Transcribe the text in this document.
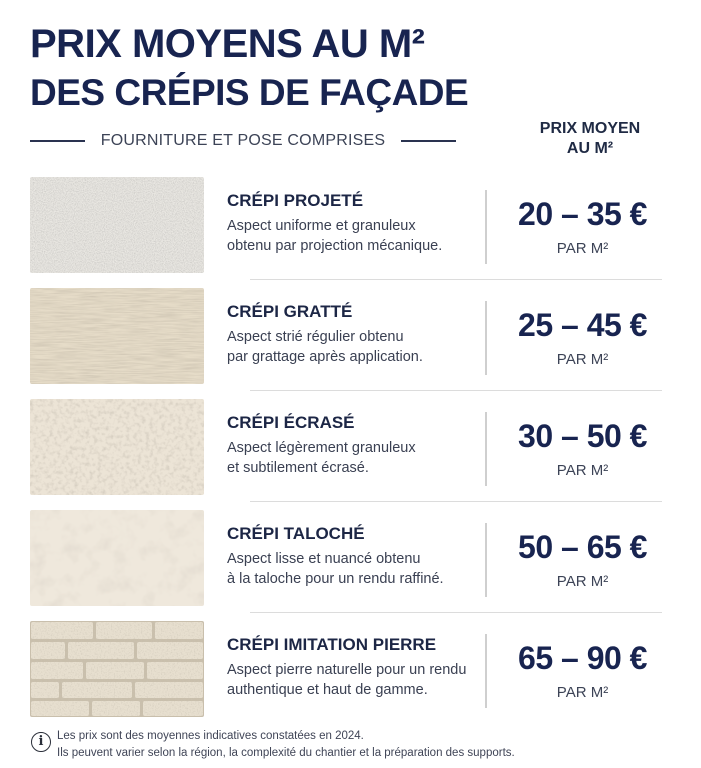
PRIX MOYENS AU M²
DES CRÉPIS DE FAÇADE
FOURNITURE ET POSE COMPRISES
PRIX MOYEN
AU M²
CRÉPI PROJETÉ
Aspect uniforme et granuleux
obtenu par projection mécanique.
20 – 35 €
PAR M²
CRÉPI GRATTÉ
Aspect strié régulier obtenu
par grattage après application.
25 – 45 €
PAR M²
CRÉPI ÉCRASÉ
Aspect légèrement granuleux
et subtilement écrasé.
30 – 50 €
PAR M²
CRÉPI TALOCHÉ
Aspect lisse et nuancé obtenu
à la taloche pour un rendu raffiné.
50 – 65 €
PAR M²
CRÉPI IMITATION PIERRE
Aspect pierre naturelle pour un rendu
authentique et haut de gamme.
65 – 90 €
PAR M²
i	Les prix sont des moyennes indicatives constatées en 2024.
Ils peuvent varier selon la région, la complexité du chantier et la préparation des supports.
